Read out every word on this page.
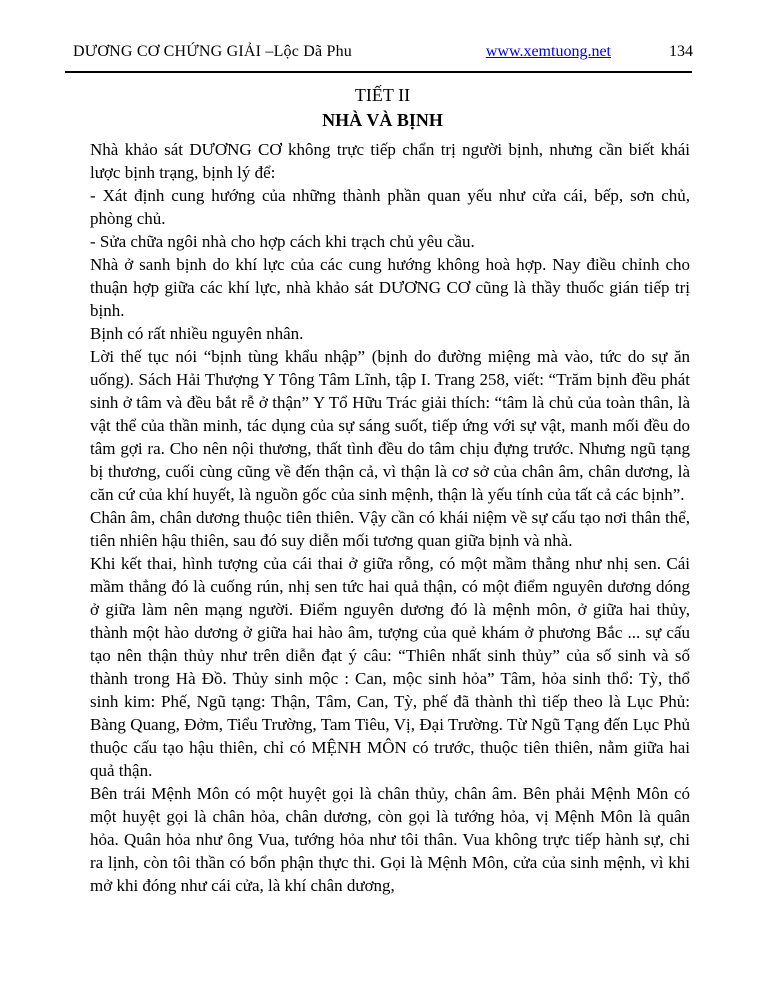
DƯƠNG CƠ CHỨNG GIẢI –Lộc Dã Phu	www.xemtuong.net	134
TIẾT II
NHÀ VÀ BỊNH

Nhà khảo sát DƯƠNG CƠ không trực tiếp chẩn trị người bịnh, nhưng cần biết khái lược bịnh trạng, bịnh lý để:

- Xát định cung hướng của những thành phần quan yếu như cửa cái, bếp, sơn chủ, phòng chủ.

- Sửa chữa ngôi nhà cho hợp cách khi trạch chủ yêu cầu.

Nhà ở sanh bịnh do khí lực của các cung hướng không hoà hợp. Nay điều chỉnh cho thuận hợp giữa các khí lực, nhà khảo sát DƯƠNG CƠ cũng là thầy thuốc gián tiếp trị bịnh.

Bịnh có rất nhiều nguyên nhân.

Lời thế tục nói “bịnh tùng khẩu nhập” (bịnh do đường miệng mà vào, tức do sự ăn uống). Sách Hải Thượng Y Tông Tâm Lĩnh, tập I. Trang 258, viết: “Trăm bịnh đều phát sinh ở tâm và đều bắt rễ ở thận” Y Tổ Hữu Trác giải thích: “tâm là chủ của toàn thân, là vật thể của thần minh, tác dụng của sự sáng suốt, tiếp ứng với sự vật, manh mối đều do tâm gợi ra. Cho nên nội thương, thất tình đều do tâm chịu đựng trước. Nhưng ngũ tạng bị thương, cuối cùng cũng về đến thận cả, vì thận là cơ sở của chân âm, chân dương, là căn cứ của khí huyết, là nguồn gốc của sinh mệnh, thận là yếu tính của tất cả các bịnh”.

Chân âm, chân dương thuộc tiên thiên. Vậy cần có khái niệm về sự cấu tạo nơi thân thể, tiên nhiên hậu thiên, sau đó suy diễn mối tương quan giữa bịnh và nhà.

Khi kết thai, hình tượng của cái thai ở giữa rỗng, có một mầm thẳng như nhị sen. Cái mầm thẳng đó là cuống rún, nhị sen tức hai quả thận, có một điểm nguyên dương dóng ở giữa làm nên mạng người. Điểm nguyên dương đó là mệnh môn, ở giữa hai thủy, thành một hào dương ở giữa hai hào âm, tượng của quẻ khám ở phương Bắc ... sự cấu tạo nên thận thủy như trên diễn đạt ý câu: “Thiên nhất sinh thủy” của số sinh và số thành trong Hà Đồ. Thủy sinh mộc : Can, mộc sinh hỏa” Tâm, hỏa sinh thổ: Tỳ, thổ sinh kim: Phế, Ngũ tạng: Thận, Tâm, Can, Tỳ, phế đã thành thì tiếp theo là Lục Phủ: Bàng Quang, Đởm, Tiểu Trường, Tam Tiêu, Vị, Đại Trường. Từ Ngũ Tạng đến Lục Phủ thuộc cấu tạo hậu thiên, chỉ có MỆNH MÔN có trước, thuộc tiên thiên, nằm giữa hai quả thận.

Bên trái Mệnh Môn có một huyệt gọi là chân thủy, chân âm. Bên phải Mệnh Môn có một huyệt gọi là chân hỏa, chân dương, còn gọi là tướng hỏa, vị Mệnh Môn là quân hỏa. Quân hỏa như ông Vua, tướng hỏa như tôi thân. Vua không trực tiếp hành sự, chi ra lịnh, còn tôi thần có bổn phận thực thi. Gọi là Mệnh Môn, cửa của sinh mệnh, vì khi mở khi đóng như cái cửa, là khí chân dương,
